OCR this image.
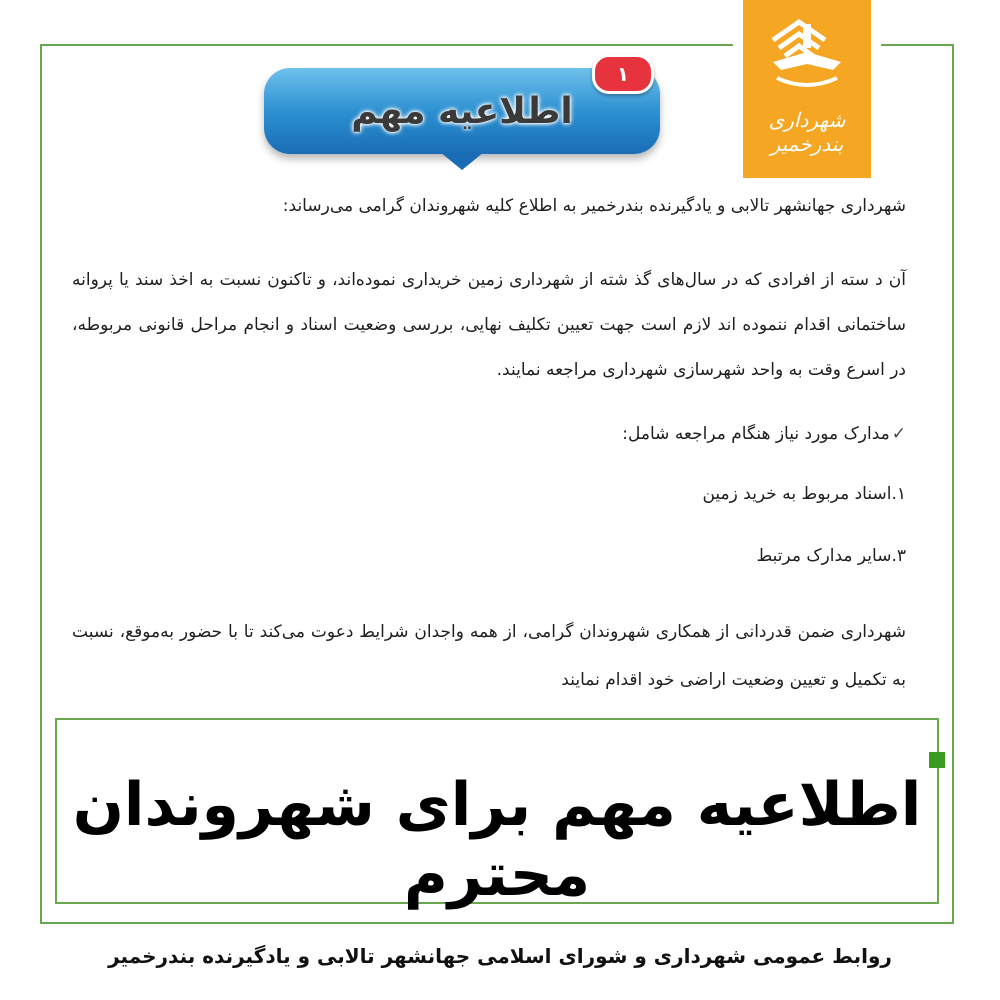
شهرداری بندرخمیر
اطلاعیه مهم
۱
شهرداری جهانشهر تالابی و یادگیرنده بندرخمیر به اطلاع کلیه شهروندان گرامی می‌رساند:
آن د سته از افرادی که در سال‌های گذ شته از شهرداری زمین خریداری نموده‌اند، و تاکنون نسبت به اخذ سند یا پروانه ساختمانی اقدام ننموده اند لازم است جهت تعیین تکلیف نهایی، بررسی وضعیت اسناد و انجام مراحل قانونی مربوطه، در اسرع وقت به واحد شهرسازی شهرداری مراجعه نمایند.
✓مدارک مورد نیاز هنگام مراجعه شامل:
۱.اسناد مربوط به خرید زمین
۳.سایر مدارک مرتبط
شهرداری ضمن قدردانی از همکاری شهروندان گرامی، از همه واجدان شرایط دعوت می‌کند تا با حضور به‌موقع، نسبت به تکمیل و تعیین وضعیت اراضی خود اقدام نمایند
اطلاعیه مهم برای شهروندان محترم
روابط عمومی شهرداری و شورای اسلامی جهانشهر تالابی و یادگیرنده بندرخمیر
